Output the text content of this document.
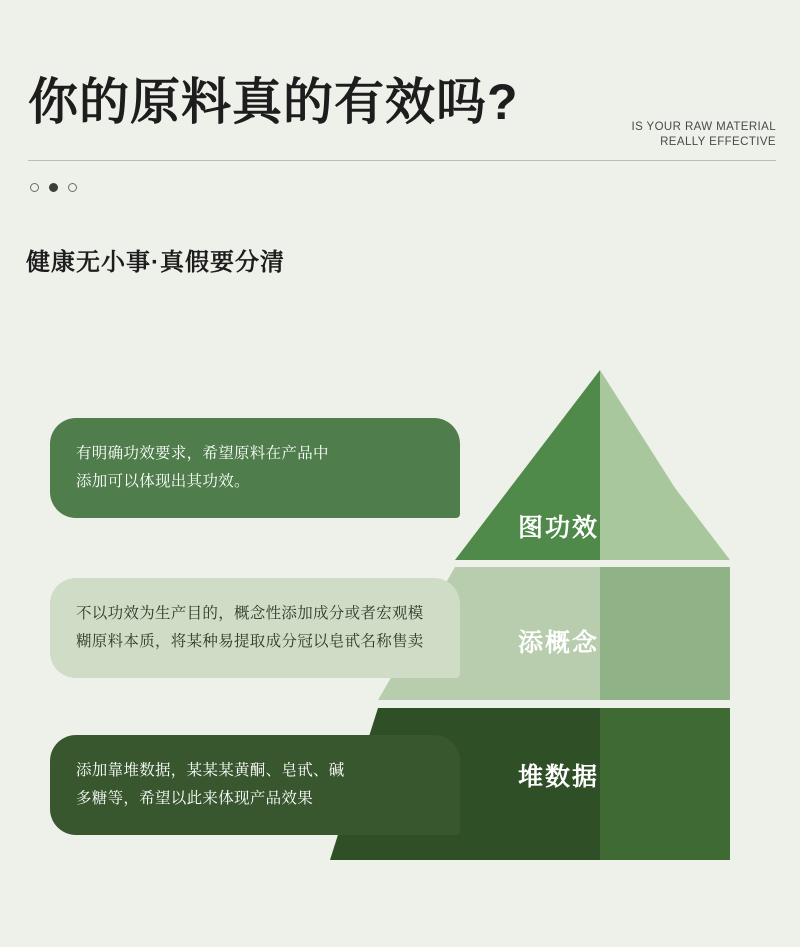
你的原料真的有效吗?	IS YOUR RAW MATERIAL
REALLY EFFECTIVE
健康无小事·真假要分清
图功效
添概念
堆数据

有明确功效要求，希望原料在产品中

添加可以体现出其功效。

不以功效为生产目的，概念性添加成分或者宏观模

糊原料本质，将某种易提取成分冠以皂甙名称售卖

添加靠堆数据，某某某黄酮、皂甙、碱

多糖等，希望以此来体现产品效果
